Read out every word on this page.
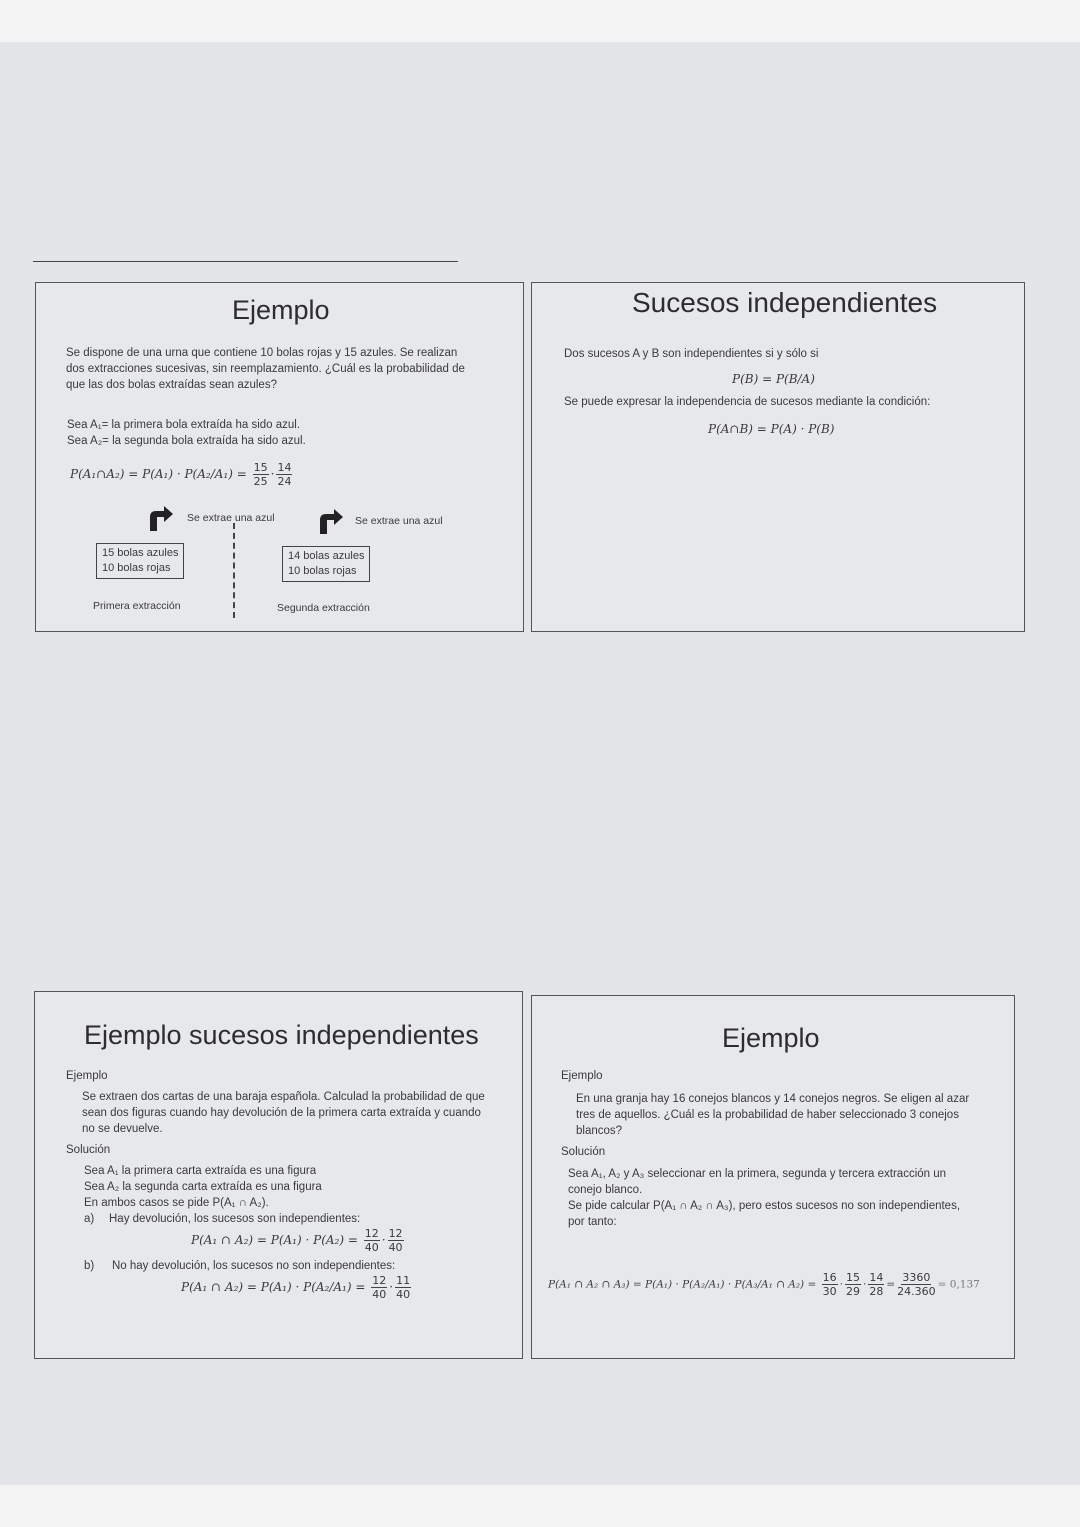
Ejemplo
Se dispone de una urna que contiene 10 bolas rojas y 15 azules. Se realizan
dos extracciones sucesivas, sin reemplazamiento. ¿Cuál es la probabilidad de
que las dos bolas extraídas sean azules?
Sea A₁= la primera bola extraída ha sido azul.
Sea A₂= la segunda bola extraída ha sido azul.
P(A₁∩A₂) = $P(A_1) \cdot P(A_2/A_1) = \frac{15}{25} \cdot \frac{14}{24}$
Se extrae una azul	Se extrae una azul
15 bolas azules
10 bolas rojas
14 bolas azules
10 bolas rojas
Primera extracción	Segunda extracción
Sucesos independientes
Dos sucesos A y B son independientes si y sólo si
P(B) = P(B/A)
Se puede expresar la independencia de sucesos mediante la condición:
P(A∩B) = P(A) · P(B)
Ejemplo sucesos independientes
Ejemplo
Se extraen dos cartas de una baraja española. Calculad la probabilidad de que
sean dos figuras cuando hay devolución de la primera carta extraída y cuando
no se devuelve.
Solución
Sea A₁ la primera carta extraída es una figura
Sea A₂ la segunda carta extraída es una figura
En ambos casos se pide P(A₁ ∩ A₂).
a) Hay devolución, los sucesos son independientes:
P(A₁ ∩ $A_2) = P(A_1) \cdot P(A_2) = \frac{12}{40} \cdot \frac{12}{40}$
b) No hay devolución, los sucesos no son independientes:
P(A₁ ∩ $A_2) = P(A_1) \cdot P(A_2/A_1) = \frac{12}{40} \cdot \frac{11}{40}$
Ejemplo
Ejemplo
En una granja hay 16 conejos blancos y 14 conejos negros. Se eligen al azar
tres de aquellos. ¿Cuál es la probabilidad de haber seleccionado 3 conejos
blancos?
Solución
Sea A₁, A₂ y A₃ seleccionar en la primera, segunda y tercera extracción un
conejo blanco.
Se pide calcular P(A₁ ∩ A₂ ∩ A₃), pero estos sucesos no son independientes,
por tanto:
P(A₁ ∩ A₂ ∩ A₃) = P(A₁) · P(A₂/A₁) · P(A₃/A₁ ∩ $A_2) = \frac{16}{30} \cdot \frac{15}{29} \cdot \frac{14}{28} = \frac{3360}{24.360} = 0,137$
